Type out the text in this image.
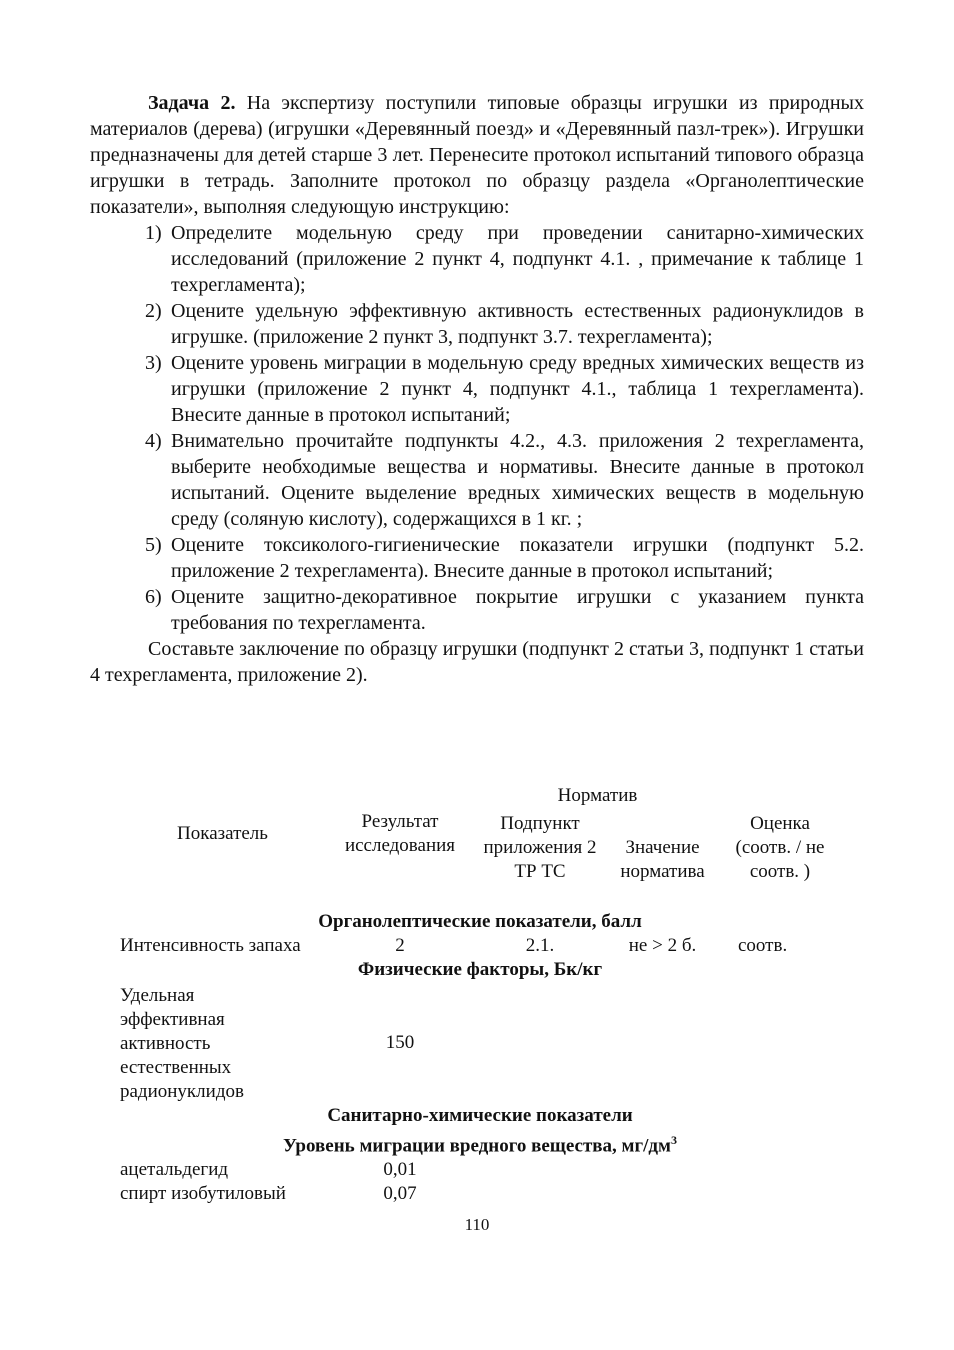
Задача 2. На экспертизу поступили типовые образцы игрушки из природных материалов (дерева) (игрушки «Деревянный поезд» и «Деревянный пазл-трек»). Игрушки предназначены для детей старше 3 лет. Перенесите протокол испытаний типового образца игрушки в тетрадь. Заполните протокол по образцу раздела «Органолептические показатели», выполняя следующую инструкцию:

1) Определите модельную среду при проведении санитарно-химических исследований (приложение 2 пункт 4, подпункт 4.1. , примечание к таблице 1 техрегламента);
2) Оцените удельную эффективную активность естественных радионуклидов в игрушке. (приложение 2 пункт 3, подпункт 3.7. техрегламента);
3) Оцените уровень миграции в модельную среду вредных химических веществ из игрушки (приложение 2 пункт 4, подпункт 4.1., таблица 1 техрегламента). Внесите данные в протокол испытаний;
4) Внимательно прочитайте подпункты 4.2., 4.3. приложения 2 техрегламента, выберите необходимые вещества и нормативы. Внесите данные в протокол испытаний. Оцените выделение вредных химических веществ в модельную среду (соляную кислоту), содержащихся в 1 кг. ;
5) Оцените токсиколого-гигиенические показатели игрушки (подпункт 5.2. приложение 2 техрегламента). Внесите данные в протокол испытаний;
6) Оцените защитно-декоративное покрытие игрушки с указанием пункта требования по техрегламента.

Составьте заключение по образцу игрушки (подпункт 2 статьи 3, подпункт 1 статьи 4 техрегламента, приложение 2).

Показатель	Результат исследования	Норматив		Оценка (соотв. / не соотв. )
		Подпункт приложения 2 ТР ТС	Значение норматива	

Органолептические показатели, балл				
Интенсивность запаха	2	2.1.	не > 2 б.	соотв.
Физические факторы, Бк/кг				

Удельная эффективная активность естественных радионуклидов	150			
Санитарно-химические показатели				
Уровень миграции вредного вещества, $мг/дм^3$
ацетальдегид	0,01			
спирт изобутиловый	0,07			
110
